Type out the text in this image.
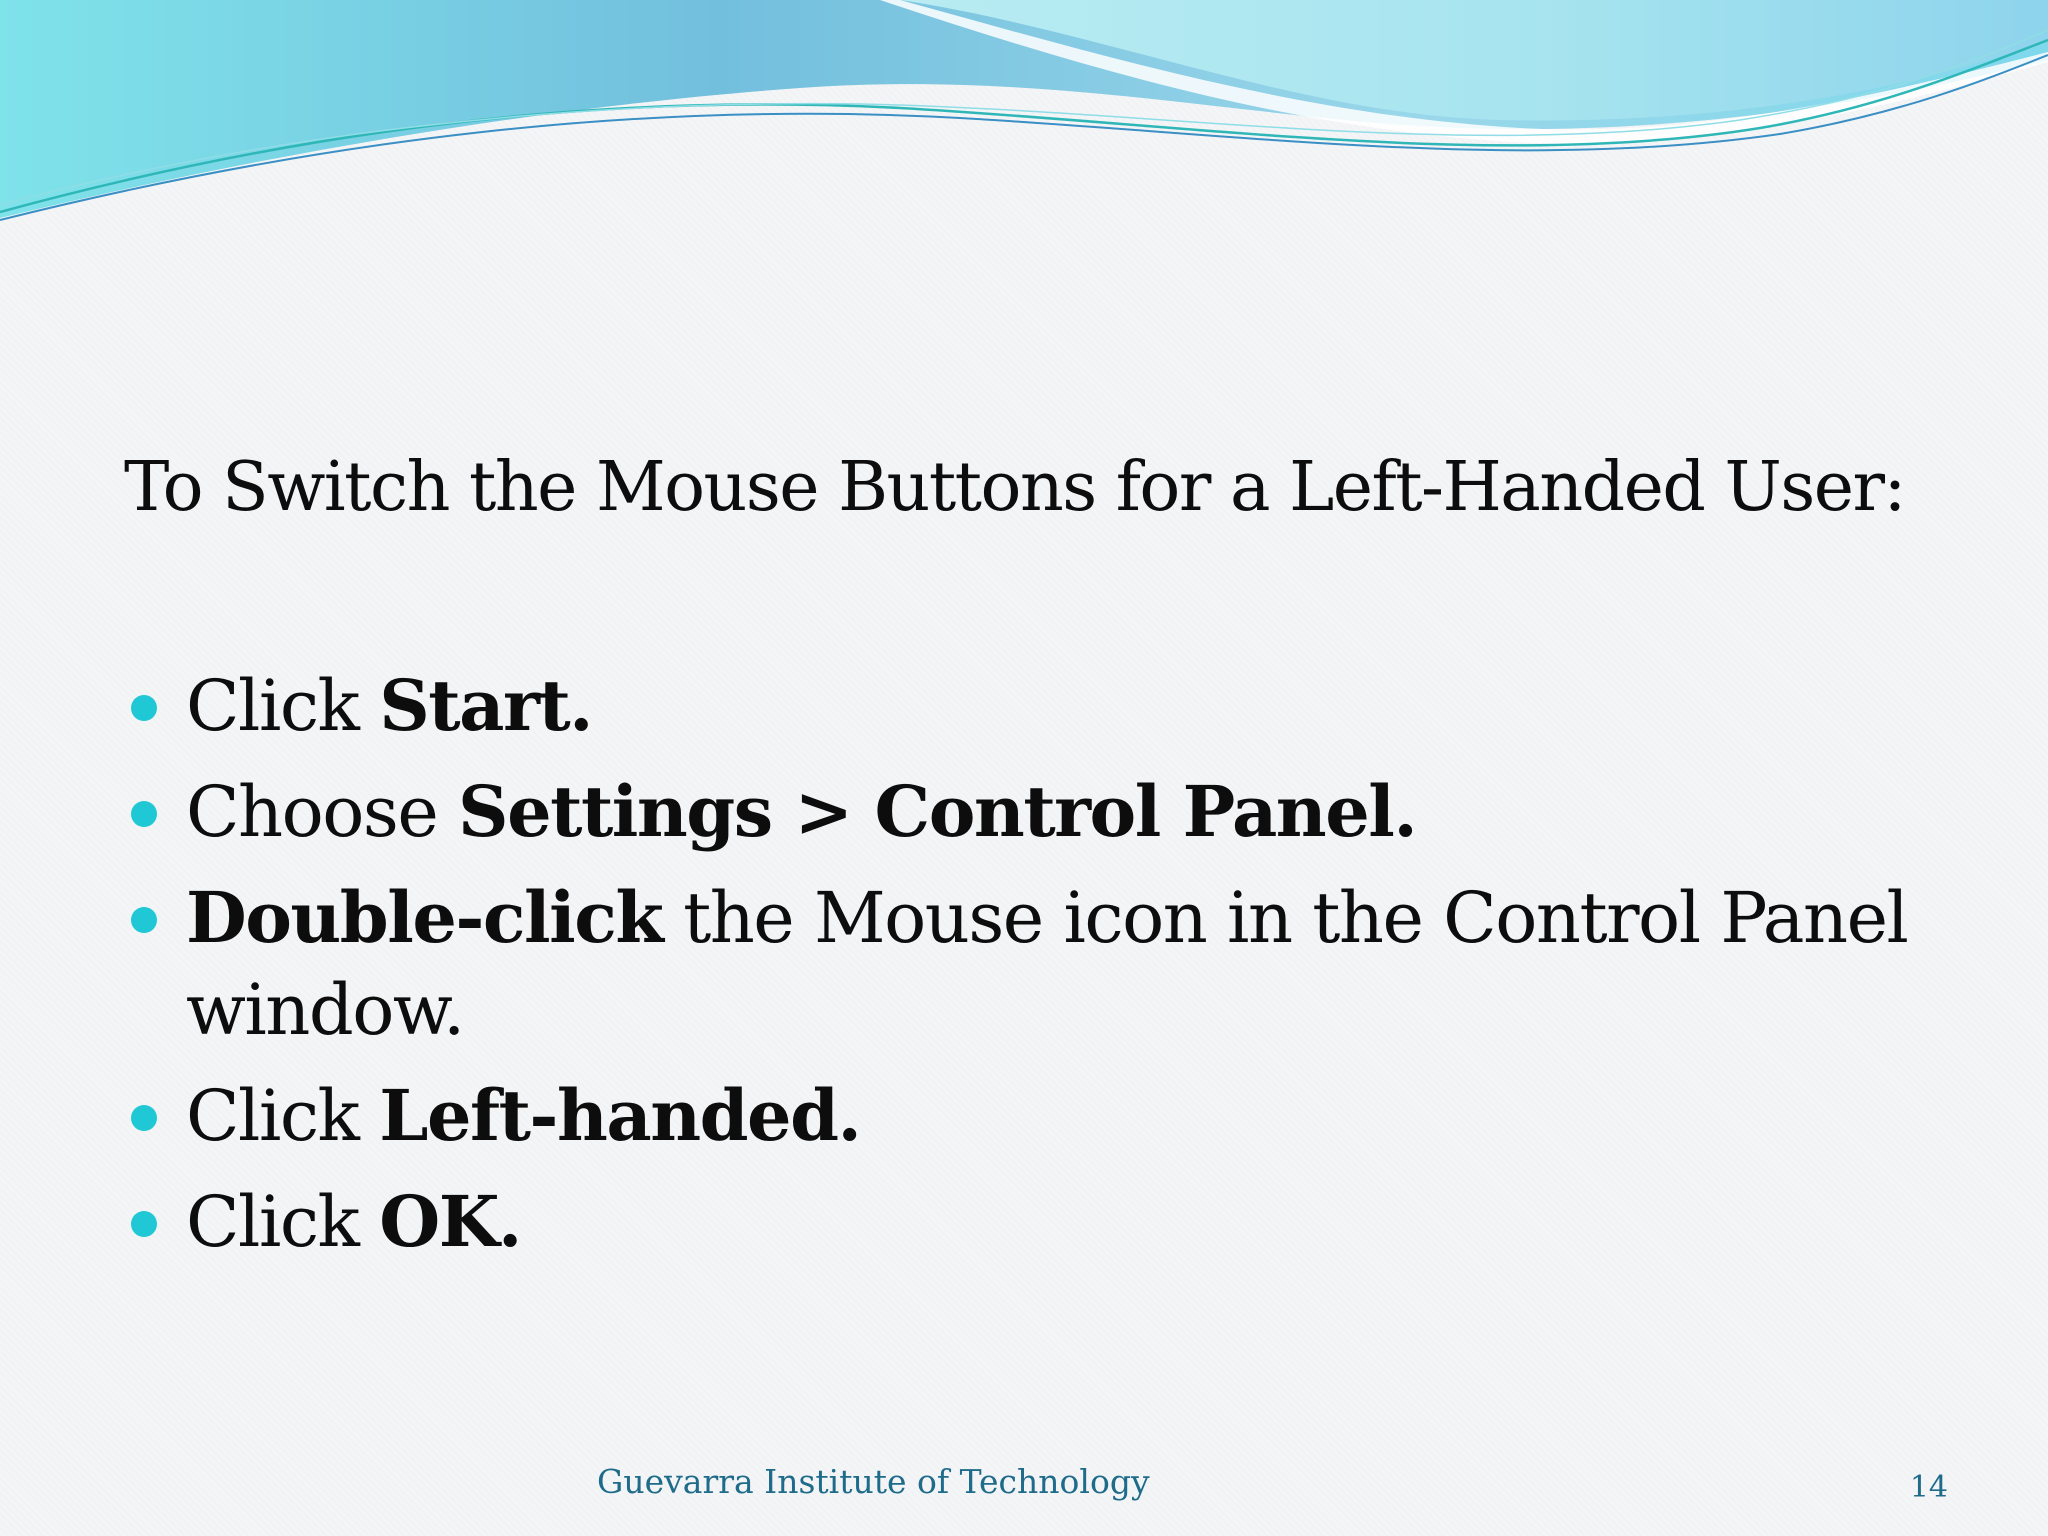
To Switch the Mouse Buttons for a Left-Handed User:
Click Start.
Choose Settings > Control Panel.
Double-click the Mouse icon in the Control Panel window.
Click Left-handed.
Click OK.
Guevarra Institute of Technology	14
